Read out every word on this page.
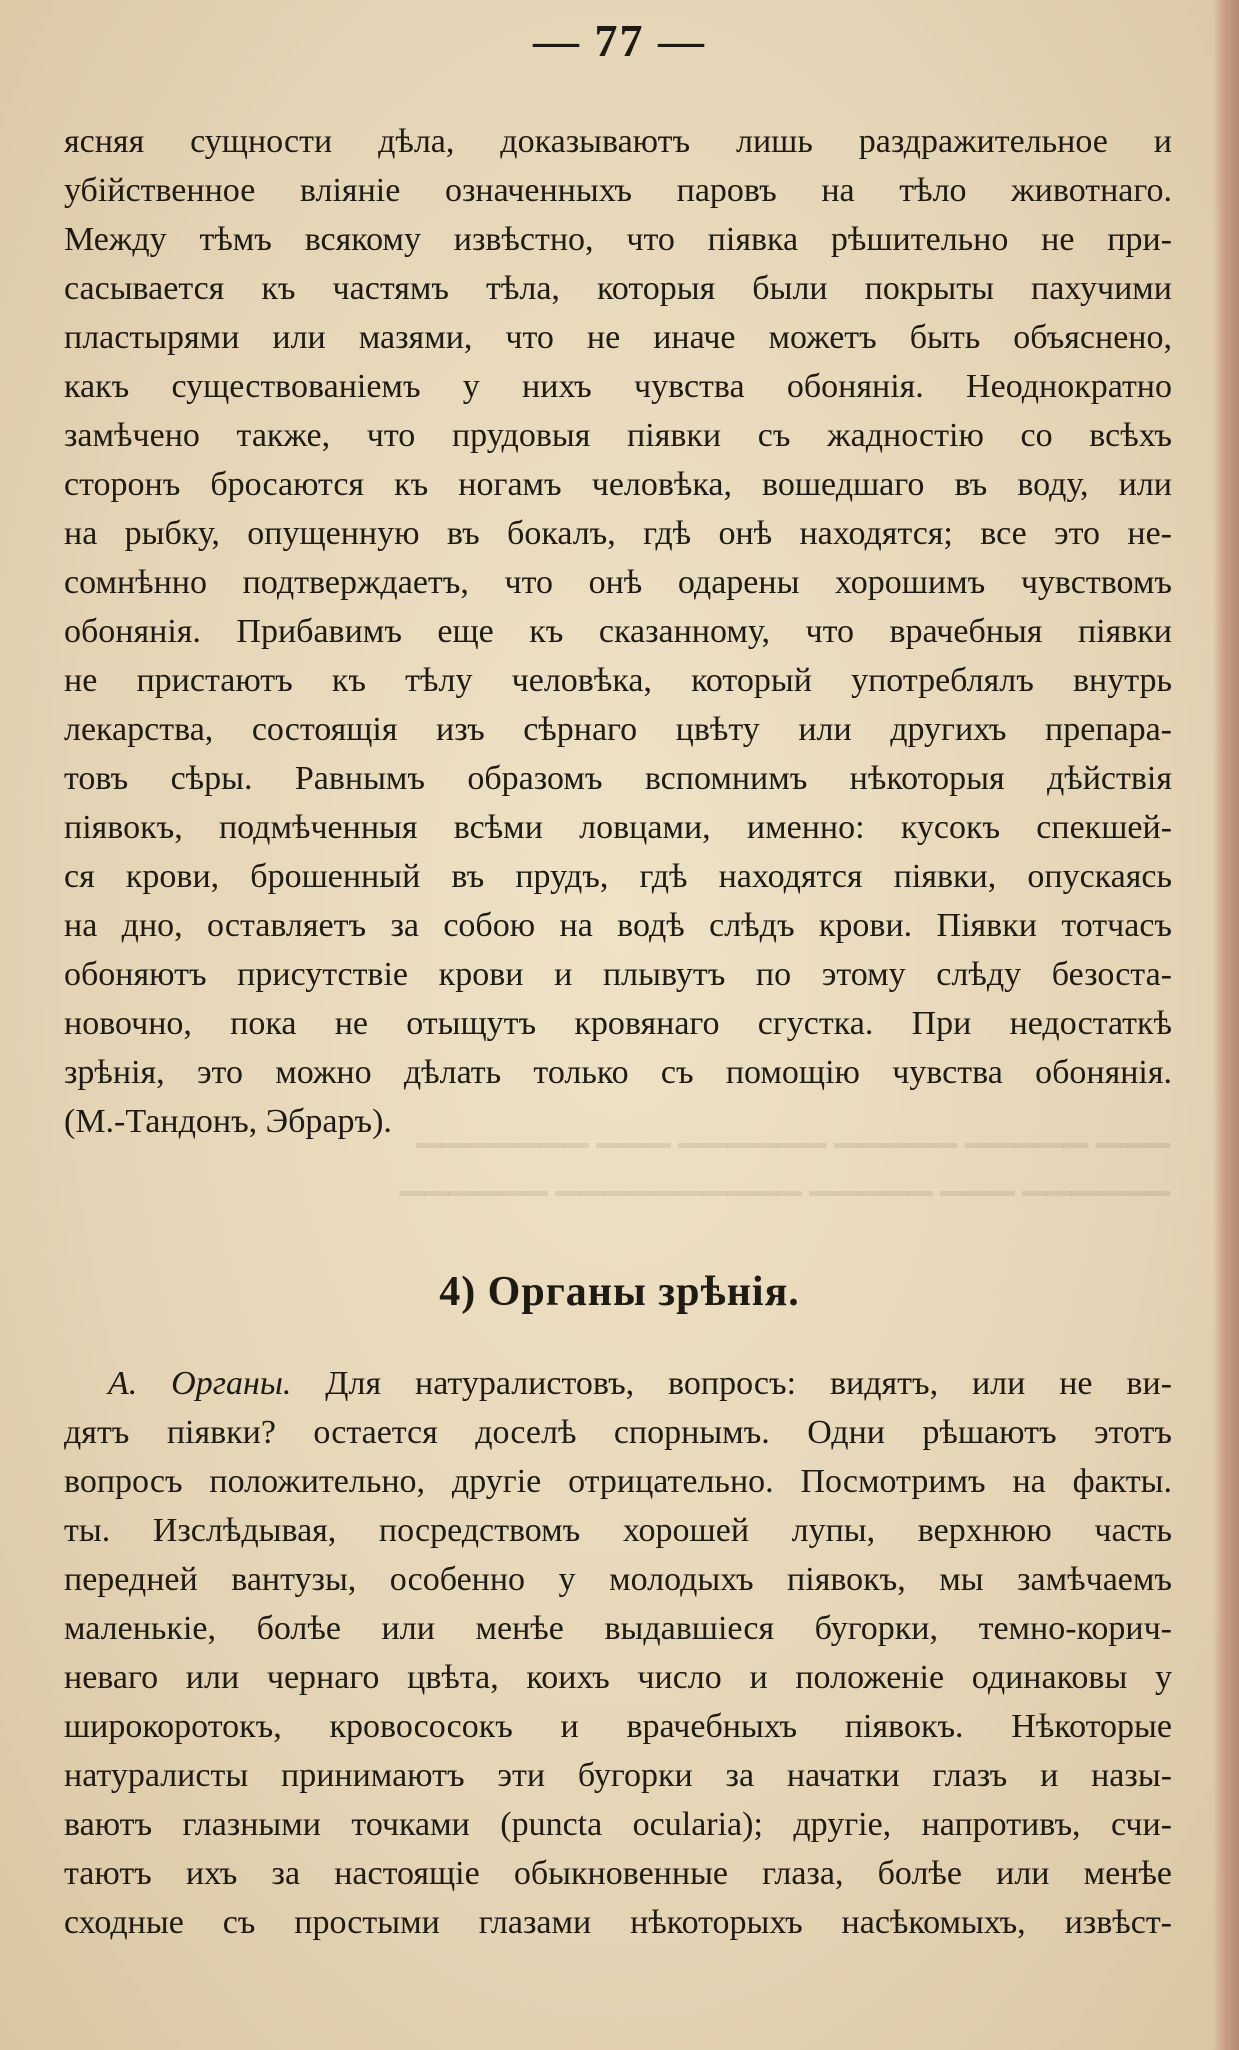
— 77 —
ясняя сущности дѣла, доказываютъ лишь раздражительное и
убійственное вліяніе означенныхъ паровъ на тѣло животнаго.
Между тѣмъ всякому извѣстно, что піявка рѣшительно не при-
сасывается къ частямъ тѣла, которыя были покрыты пахучими
пластырями или мазями, что не иначе можетъ быть объяснено,
какъ существованіемъ у нихъ чувства обонянія. Неоднократно
замѣчено также, что прудовыя піявки съ жадностію со всѣхъ
сторонъ бросаются къ ногамъ человѣка, вошедшаго въ воду, или
на рыбку, опущенную въ бокалъ, гдѣ онѣ находятся; все это не-
сомнѣнно подтверждаетъ, что онѣ одарены хорошимъ чувствомъ
обонянія. Прибавимъ еще къ сказанному, что врачебныя піявки
не пристаютъ къ тѣлу человѣка, который употреблялъ внутрь
лекарства, состоящія изъ сѣрнаго цвѣту или другихъ препара-
товъ сѣры. Равнымъ образомъ вспомнимъ нѣкоторыя дѣйствія
піявокъ, подмѣченныя всѣми ловцами, именно: кусокъ спекшей-
ся крови, брошенный въ прудъ, гдѣ находятся піявки, опускаясь
на дно, оставляетъ за собою на водѣ слѣдъ крови. Піявки тотчасъ
обоняютъ присутствіе крови и плывутъ по этому слѣду безоста-
новочно, пока не отыщутъ кровянаго сгустка. При недостаткѣ
зрѣнія, это можно дѣлать только съ помощію чувства обонянія.
(М.-Тандонъ, Эбраръ). ▁▁▁ ▁▁▁▁▁ ▁▁▁▁▁ ▁▁▁▁▁▁ ▁▁▁ ▁▁▁▁▁▁▁
▁▁▁▁▁▁ ▁▁▁ ▁▁▁▁▁ ▁▁▁▁▁▁▁▁▁▁ ▁▁▁▁▁▁
4) Органы зрѣнія.
А. Органы. Для натуралистовъ, вопросъ: видятъ, или не ви-
дятъ піявки? остается доселѣ спорнымъ. Одни рѣшаютъ этотъ
вопросъ положительно, другіе отрицательно. Посмотримъ на факты.
ты. Изслѣдывая, посредствомъ хорошей лупы, верхнюю часть
передней вантузы, особенно у молодыхъ піявокъ, мы замѣчаемъ
маленькіе, болѣе или менѣе выдавшіеся бугорки, темно-корич-
неваго или чернаго цвѣта, коихъ число и положеніе одинаковы у
широкоротокъ, кровососокъ и врачебныхъ піявокъ. Нѣкоторые
натуралисты принимаютъ эти бугорки за начатки глазъ и назы-
ваютъ глазными точками (puncta ocularia); другіе, напротивъ, счи-
таютъ ихъ за настоящіе обыкновенные глаза, болѣе или менѣе
сходные съ простыми глазами нѣкоторыхъ насѣкомыхъ, извѣст-
